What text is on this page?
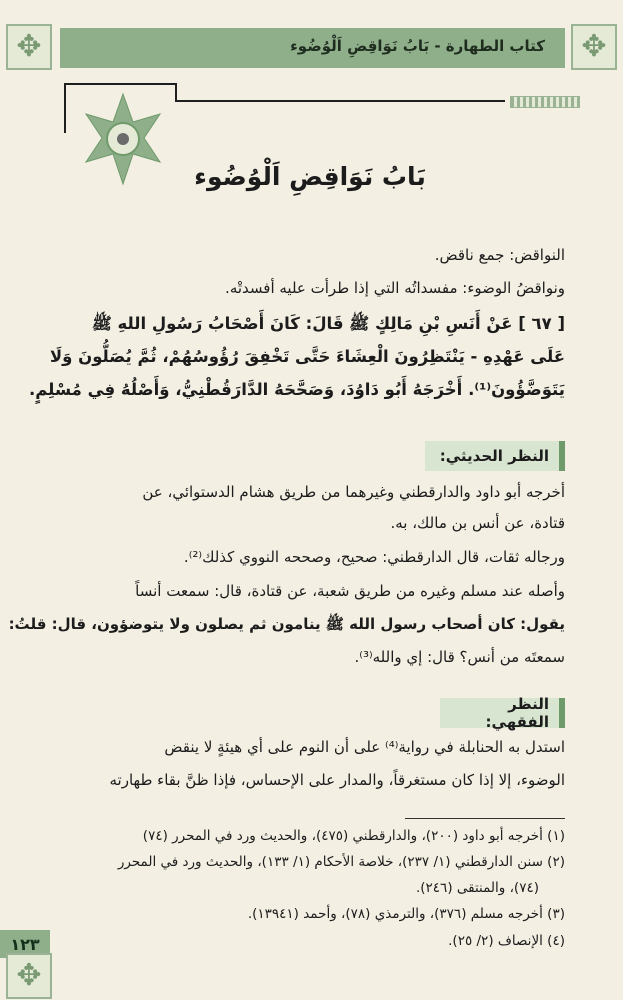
كتاب الطهارة - بَابُ نَوَاقِضِ اَلْوُضُوء	✥
✥
بَابُ نَوَاقِضِ اَلْوُضُوء
النواقض: جمع ناقض.
ونواقضُ الوضوء: مفسداتُه التي إذا طرأت عليه أفسدتْه.
[ ٦٧ ] عَنْ أَنَسِ بْنِ مَالِكٍ ﷺ قَالَ: كَانَ أَصْحَابُ رَسُولِ اللهِ ﷺ
عَلَى عَهْدِهِ - يَنْتَظِرُونَ الْعِشَاءَ حَتَّى تَخْفِقَ رُؤُوسُهُمْ، ثُمَّ يُصَلُّونَ وَلَا
يَتَوَضَّؤُونَ⁽¹⁾. أَخْرَجَهُ أَبُو دَاوُدَ، وَصَحَّحَهُ الدَّارَقُطْنِيُّ، وَأَصْلُهُ فِي مُسْلِمٍ.
النظر الحديثي:
أخرجه أبو داود والدارقطني وغيرهما من طريق هشام الدستوائي، عن
قتادة، عن أنس بن مالك، به.
ورجاله ثقات، قال الدارقطني: صحيح، وصححه النووي كذلك⁽²⁾.
وأصله عند مسلم وغيره من طريق شعبة، عن قتادة، قال: سمعت أنساً
يقول: كان أصحاب رسول الله ﷺ ينامون ثم يصلون ولا يتوضؤون، قال: قلتُ:
سمعتَه من أنس؟ قال: إي والله⁽³⁾.
النظر الفقهي:
استدل به الحنابلة في رواية⁽⁴⁾ على أن النوم على أي هيئةٍ لا ينقض
الوضوء، إلا إذا كان مستغرقاً، والمدار على الإحساس، فإذا ظنَّ بقاء طهارته
(١) أخرجه أبو داود (٢٠٠)، والدارقطني (٤٧٥)، والحديث ورد في المحرر (٧٤)
(٢) سنن الدارقطني (١/ ٢٣٧)، خلاصة الأحكام (١/ ١٣٣)، والحديث ورد في المحرر
(٧٤)، والمنتقى (٢٤٦).
(٣) أخرجه مسلم (٣٧٦)، والترمذي (٧٨)، وأحمد (١٣٩٤١).
(٤) الإنصاف (٢/ ٢٥).
١٢٣
✥
